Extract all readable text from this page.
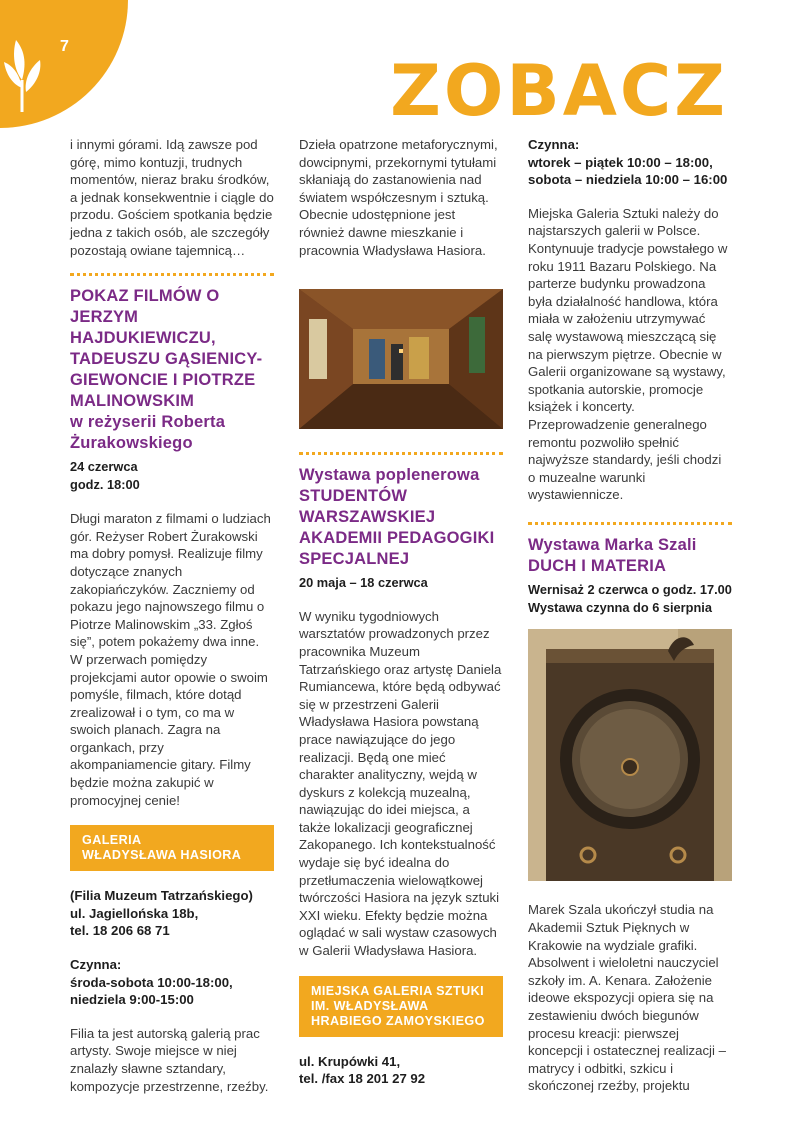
7
ZOBACZ

i innymi górami. Idą zawsze pod górę, mimo kontuzji, trudnych momentów, nieraz braku środków, a jednak konsekwentnie i ciągle do przodu. Gościem spotkania będzie jedna z takich osób, ale szczegóły pozostają owiane tajemnicą…

POKAZ FILMÓW O JERZYM HAJDUKIEWICZU, TADEUSZU GĄSIENICY-GIEWONCIE I PIOTRZE MALINOWSKIM
w reżyserii Roberta Żurakowskiego
24 czerwca
godz. 18:00

Długi maraton z filmami o ludziach gór. Reżyser Robert Żurakowski ma dobry pomysł. Realizuje filmy dotyczące znanych zakopiańczyków. Zaczniemy od pokazu jego najnowszego filmu o Piotrze Malinowskim „33. Zgłoś się”, potem pokażemy dwa inne. W przerwach pomiędzy projekcjami autor opowie o swoim pomyśle, filmach, które dotąd zrealizował i o tym, co ma w swoich planach. Zagra na organkach, przy akompaniamencie gitary. Filmy będzie można zakupić w promocyjnej cenie!

GALERIA
WŁADYSŁAWA HASIORA
(Filia Muzeum Tatrzańskiego)
ul. Jagiellońska 18b,
tel. 18 206 68 71
Czynna:
środa-sobota 10:00-18:00,
niedziela 9:00-15:00

Filia ta jest autorską galerią prac artysty. Swoje miejsce w niej znalazły sławne sztandary, kompozycje przestrzenne, rzeźby.

Dzieła opatrzone metaforycznymi, dowcipnymi, przekornymi tytułami skłaniają do zastanowienia nad światem współczesnym i sztuką. Obecnie udostępnione jest również dawne mieszkanie i pracownia Władysława Hasiora.

Wystawa poplenerowa
STUDENTÓW WARSZAWSKIEJ AKADEMII PEDAGOGIKI SPECJALNEJ
20 maja – 18 czerwca

W wyniku tygodniowych warsztatów prowadzonych przez pracownika Muzeum Tatrzańskiego oraz artystę Daniela Rumiancewa, które będą odbywać się w przestrzeni Galerii Władysława Hasiora powstaną prace nawiązujące do jego realizacji. Będą one mieć charakter analityczny, wejdą w dyskurs z kolekcją muzealną, nawiązując do idei miejsca, a także lokalizacji geograficznej Zakopanego. Ich kontekstualność wydaje się być idealna do przetłumaczenia wielowątkowej twórczości Hasiora na język sztuki XXI wieku. Efekty będzie można oglądać w sali wystaw czasowych w Galerii Władysława Hasiora.

MIEJSKA GALERIA SZTUKI
IM. WŁADYSŁAWA
HRABIEGO ZAMOYSKIEGO
ul. Krupówki 41,
tel. /fax 18 201 27 92
Czynna:
wtorek – piątek 10:00 – 18:00,
sobota – niedziela 10:00 – 16:00

Miejska Galeria Sztuki należy do najstarszych galerii w Polsce. Kontynuuje tradycje powstałego w roku 1911 Bazaru Polskiego. Na parterze budynku prowadzona była działalność handlowa, która miała w założeniu utrzymywać salę wystawową mieszczącą się na pierwszym piętrze. Obecnie w Galerii organizowane są wystawy, spotkania autorskie, promocje książek i koncerty. Przeprowadzenie generalnego remontu pozwoliło spełnić najwyższe standardy, jeśli chodzi o muzealne warunki wystawiennicze.

Wystawa Marka Szali
DUCH I MATERIA
Wernisaż 2 czerwca o godz. 17.00
Wystawa czynna do 6 sierpnia

Marek Szala ukończył studia na Akademii Sztuk Pięknych w Krakowie na wydziale grafiki. Absolwent i wieloletni nauczyciel szkoły im. A. Kenara. Założenie ideowe ekspozycji opiera się na zestawieniu dwóch biegunów procesu kreacji: pierwszej koncepcji i ostatecznej realizacji – matrycy i odbitki, szkicu i skończonej rzeźby, projektu
